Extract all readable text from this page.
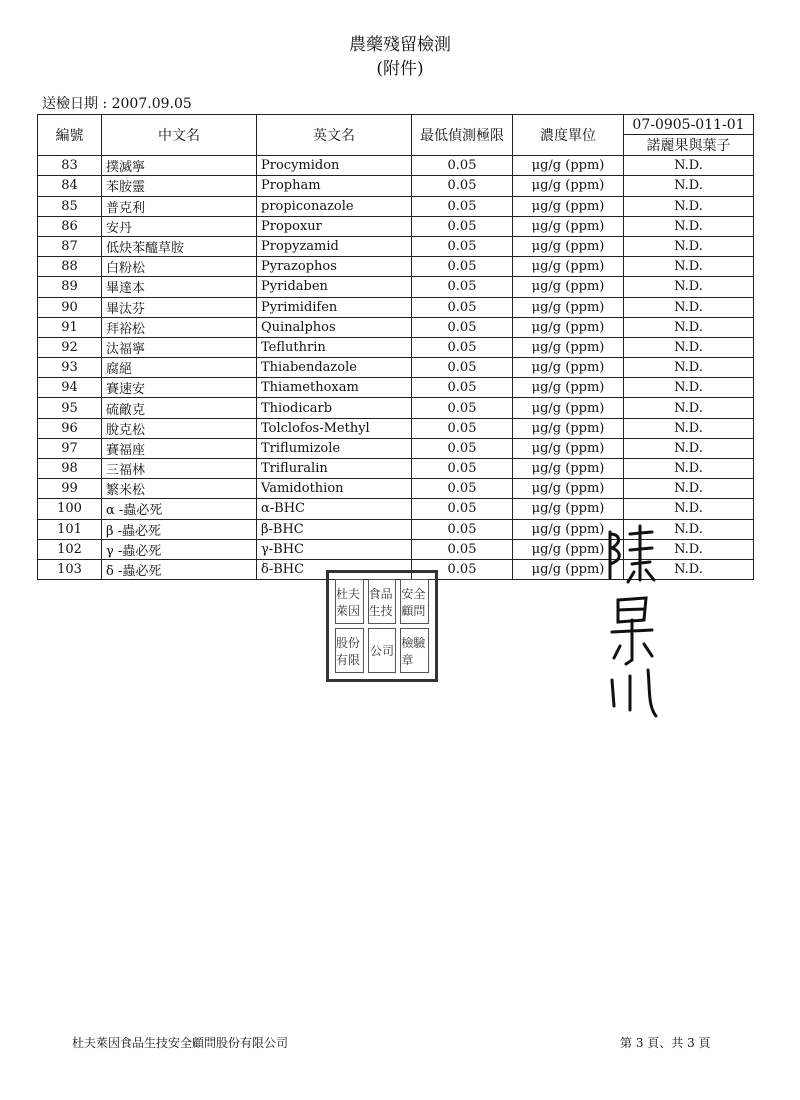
農藥殘留檢測
(附件)
送檢日期 : 2007.09.05
編號	中文名	英文名	最低偵測極限	濃度單位	07-0905-011-01
					諾麗果與葉子
83	撲滅寧	Procymidon	0.05	μg/g (ppm)	N.D.
84	苯胺靈	Propham	0.05	μg/g (ppm)	N.D.
85	普克利	propiconazole	0.05	μg/g (ppm)	N.D.
86	安丹	Propoxur	0.05	μg/g (ppm)	N.D.
87	低炔苯醯草胺	Propyzamid	0.05	μg/g (ppm)	N.D.
88	白粉松	Pyrazophos	0.05	μg/g (ppm)	N.D.
89	畢達本	Pyridaben	0.05	μg/g (ppm)	N.D.
90	畢汰芬	Pyrimidifen	0.05	μg/g (ppm)	N.D.
91	拜裕松	Quinalphos	0.05	μg/g (ppm)	N.D.
92	汰福寧	Tefluthrin	0.05	μg/g (ppm)	N.D.
93	腐絕	Thiabendazole	0.05	μg/g (ppm)	N.D.
94	賽速安	Thiamethoxam	0.05	μg/g (ppm)	N.D.
95	硫敵克	Thiodicarb	0.05	μg/g (ppm)	N.D.
96	脫克松	Tolclofos-Methyl	0.05	μg/g (ppm)	N.D.
97	賽福座	Triflumizole	0.05	μg/g (ppm)	N.D.
98	三福林	Trifluralin	0.05	μg/g (ppm)	N.D.
99	繁米松	Vamidothion	0.05	μg/g (ppm)	N.D.
100	α -蟲必死	α-BHC	0.05	μg/g (ppm)	N.D.
101	β -蟲必死	β-BHC	0.05	μg/g (ppm)	N.D.
102	γ -蟲必死	γ-BHC	0.05	μg/g (ppm)	N.D.
103	δ -蟲必死	δ-BHC	0.05	μg/g (ppm)	N.D.
杜夫萊因
食品生技
安全顧問
股份有限
公司
檢驗章
杜夫萊因食品生技安全顧問股份有限公司	第 3 頁、共 3 頁
